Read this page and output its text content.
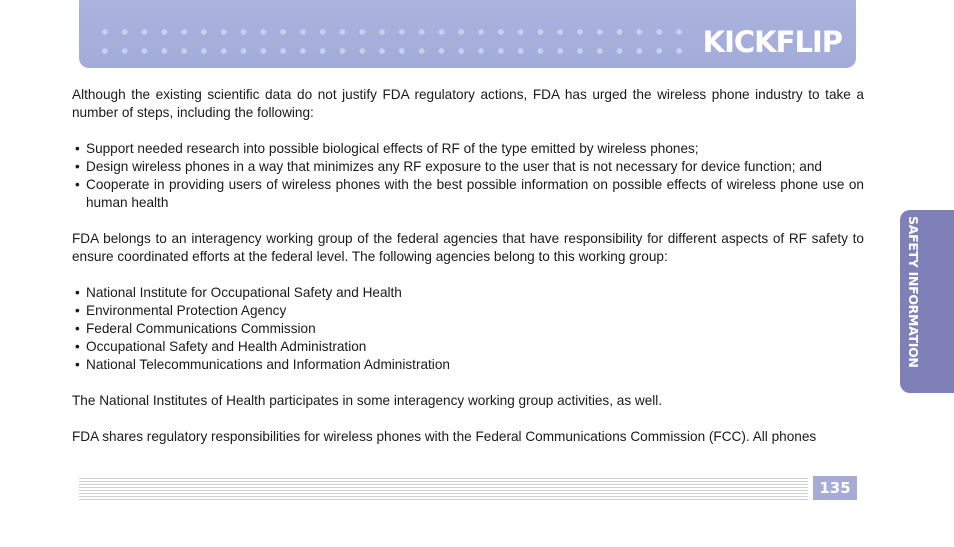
KICKFLIP

Although the existing scientific data do not justify FDA regulatory actions, FDA has urged the wireless phone industry to take a number of steps, including the following:

• Support needed research into possible biological effects of RF of the type emitted by wireless phones;
• Design wireless phones in a way that minimizes any RF exposure to the user that is not necessary for device function; and
• Cooperate in providing users of wireless phones with the best possible information on possible effects of wireless phone use on human health

FDA belongs to an interagency working group of the federal agencies that have responsibility for different aspects of RF safety to ensure coordinated efforts at the federal level. The following agencies belong to this working group:

• National Institute for Occupational Safety and Health
• Environmental Protection Agency
• Federal Communications Commission
• Occupational Safety and Health Administration
• National Telecommunications and Information Administration

The National Institutes of Health participates in some interagency working group activities, as well.

FDA shares regulatory responsibilities for wireless phones with the Federal Communications Commission (FCC). All phones

SAFETY INFORMATION
135
